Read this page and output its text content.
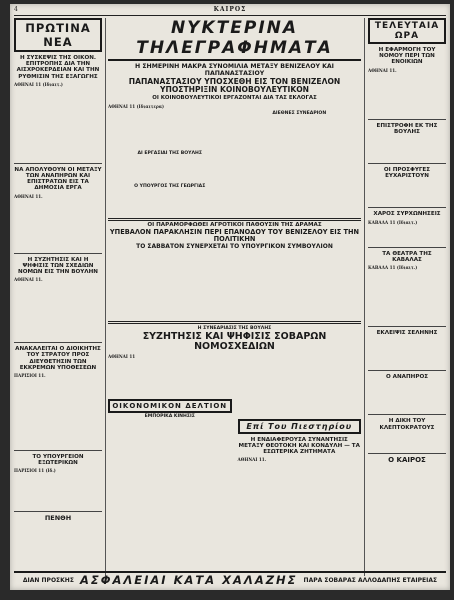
4	ΚΑΙΡΟΣ
ΠΡΩΤΙΝΑ ΝΕΑ
Η ΣΥΣΚΕΨΙΣ ΤΗΣ ΟΙΚΟΝ. ΕΠΙΤΡΟΠΗΣ ΔΙΑ ΤΗΝ ΑΙΣΧΡΟΚΕΡΔΕΙΑΝ ΚΑΙ ΤΗΝ ΡΥΘΜΙΣΙΝ ΤΗΣ ΕΞΑΓΩΓΗΣ
ΑΘΗΝΑΙ 11 (Ιδιαιτ.)

ΝΑ ΑΠΟΛΥΘΟΥΝ ΟΙ ΜΕΤΑΞΥ ΤΩΝ ΑΝΑΠΗΡΩΝ ΚΑΙ ΕΠΙΣΤΡΑΤΩΝ ΕΙΣ ΤΑ ΔΗΜΟΣΙΑ ΕΡΓΑ
ΑΘΗΝΑΙ 11.

Η ΣΥΖΗΤΗΣΙΣ ΚΑΙ Η ΨΗΦΙΣΙΣ ΤΩΝ ΣΧΕΔΙΩΝ ΝΟΜΩΝ ΕΙΣ ΤΗΝ ΒΟΥΛΗΝ
ΑΘΗΝΑΙ 11.

ΑΝΑΚΑΛΕΙΤΑΙ Ο ΔΙΟΙΚΗΤΗΣ ΤΟΥ ΣΤΡΑΤΟΥ ΠΡΟΣ ΔΙΕΥΘΕΤΗΣΙΝ ΤΩΝ ΕΚΚΡΕΜΩΝ ΥΠΟΘΕΣΕΩΝ
ΠΑΡΙΣΙΟΙ 11.

ΤΟ ΥΠΟΥΡΓΕΙΟΝ ΕΞΩΤΕΡΙΚΩΝ
ΠΑΡΙΣΙΟΙ 11 (Ιδ.)

ΠΕΝΘΗ

ΝΥΚΤΕΡΙΝΑ ΤΗΛΕΓΡΑΦΗΜΑΤΑ
Η ΣΗΜΕΡΙΝΗ ΜΑΚΡΑ ΣΥΝΟΜΙΛΙΑ ΜΕΤΑΞΥ ΒΕΝΙΖΕΛΟΥ ΚΑΙ ΠΑΠΑΝΑΣΤΑΣΙΟΥ
ΠΑΠΑΝΑΣΤΑΣΙΟΥ ΥΠΟΣΧΕΘΗ ΕΙΣ ΤΟΝ ΒΕΝΙΖΕΛΟΝ ΥΠΟΣΤΗΡΙΞΙΝ ΚΟΙΝΟΒΟΥΛΕΥΤΙΚΟΝ
ΟΙ ΚΟΙΝΟΒΟΥΛΕΥΤΙΚΟΙ ΕΡΓΑΖΟΝΤΑΙ ΔΙΑ ΤΑΣ ΕΚΛΟΓΑΣ
ΑΘΗΝΑΙ 11 (Ιδιαιτερα)

ΑΙ ΕΡΓΑΣΙΑΙ ΤΗΣ ΒΟΥΛΗΣ

Ο ΥΠΟΥΡΓΟΣ ΤΗΣ ΓΕΩΡΓΙΑΣ

ΔΙΕΘΝΕΣ ΣΥΝΕΔΡΙΟΝ

ΟΙ ΠΑΡΑΜΟΡΦΩΘΕΙ ΑΓΡΟΤΙΚΟΙ ΠΑΘΟΥΣΙΝ ΤΗΣ ΔΡΑΜΑΣ
ΥΠΕΒΑΛΟΝ ΠΑΡΑΚΛΗΣΙΝ ΠΕΡΙ ΕΠΑΝΟΔΟΥ ΤΟΥ ΒΕΝΙΖΕΛΟΥ ΕΙΣ ΤΗΝ ΠΟΛΙΤΙΚΗΝ
ΤΟ ΣΑΒΒΑΤΟΝ ΣΥΝΕΡΧΕΤΑΙ ΤΟ ΥΠΟΥΡΓΙΚΟΝ ΣΥΜΒΟΥΛΙΟΝ

Η ΣΥΝΕΔΡΙΑΣΙΣ ΤΗΣ ΒΟΥΛΗΣ
ΣΥΖΗΤΗΣΙΣ ΚΑΙ ΨΗΦΙΣΙΣ ΣΟΒΑΡΩΝ ΝΟΜΟΣΧΕΔΙΩΝ
ΑΘΗΝΑΙ 11

ΟΙΚΟΝΟΜΙΚΟΝ ΔΕΛΤΙΟΝ
ΕΜΠΟΡΙΚΑ ΚΙΝΗΣΙΣ

Επί Του Πιεστηρίου
Η ΕΝΔΙΑΦΕΡΟΥΣΑ ΣΥΝΑΝΤΗΣΙΣ ΜΕΤΑΞΥ ΘΕΟΤΟΚΗ ΚΑΙ ΚΟΝΔΥΛΗ — ΤΑ ΕΣΩΤΕΡΙΚΑ ΖΗΤΗΜΑΤΑ
ΑΘΗΝΑΙ 11.

ΤΕΛΕΥΤΑΙΑ ΩΡΑ
Η ΕΦΑΡΜΟΓΗ ΤΟΥ ΝΟΜΟΥ ΠΕΡΙ ΤΩΝ ΕΝΟΙΚΙΩΝ
ΑΘΗΝΑΙ 11.

ΕΠΙΣΤΡΟΦΗ ΕΚ ΤΗΣ ΒΟΥΛΗΣ

ΟΙ ΠΡΟΣΦΥΓΕΣ ΕΥΧΑΡΙΣΤΟΥΝ

ΧΑΡΟΣ ΣΥΡΧΩΝΗΣΕΙΣ
ΚΑΒΑΛΑ 11 (Ιδιαιτ.)

ΤΑ ΘΕΑΤΡΑ ΤΗΣ ΚΑΒΑΛΑΣ
ΚΑΒΑΛΑ 11 (Ιδιαιτ.)

ΕΚΛΕΙΨΙΣ ΣΕΛΗΝΗΣ

Ο ΑΝΑΠΗΡΟΣ

Η ΔΙΚΗ ΤΟΥ ΚΛΕΠΤΟΚΡΑΤΟΥΣ

Ο ΚΑΙΡΟΣ

ΔΙΑΝ ΠΡΟΣΚΗΣ ΑΣΦΑΛΕΙΑΙ ΚΑΤΑ ΧΑΛΑΖΗΣ ΠΑΡΑ ΣΟΒΑΡΑΣ ΑΛΛΟΔΑΠΗΣ ΕΤΑΙΡΕΙΑΣ
